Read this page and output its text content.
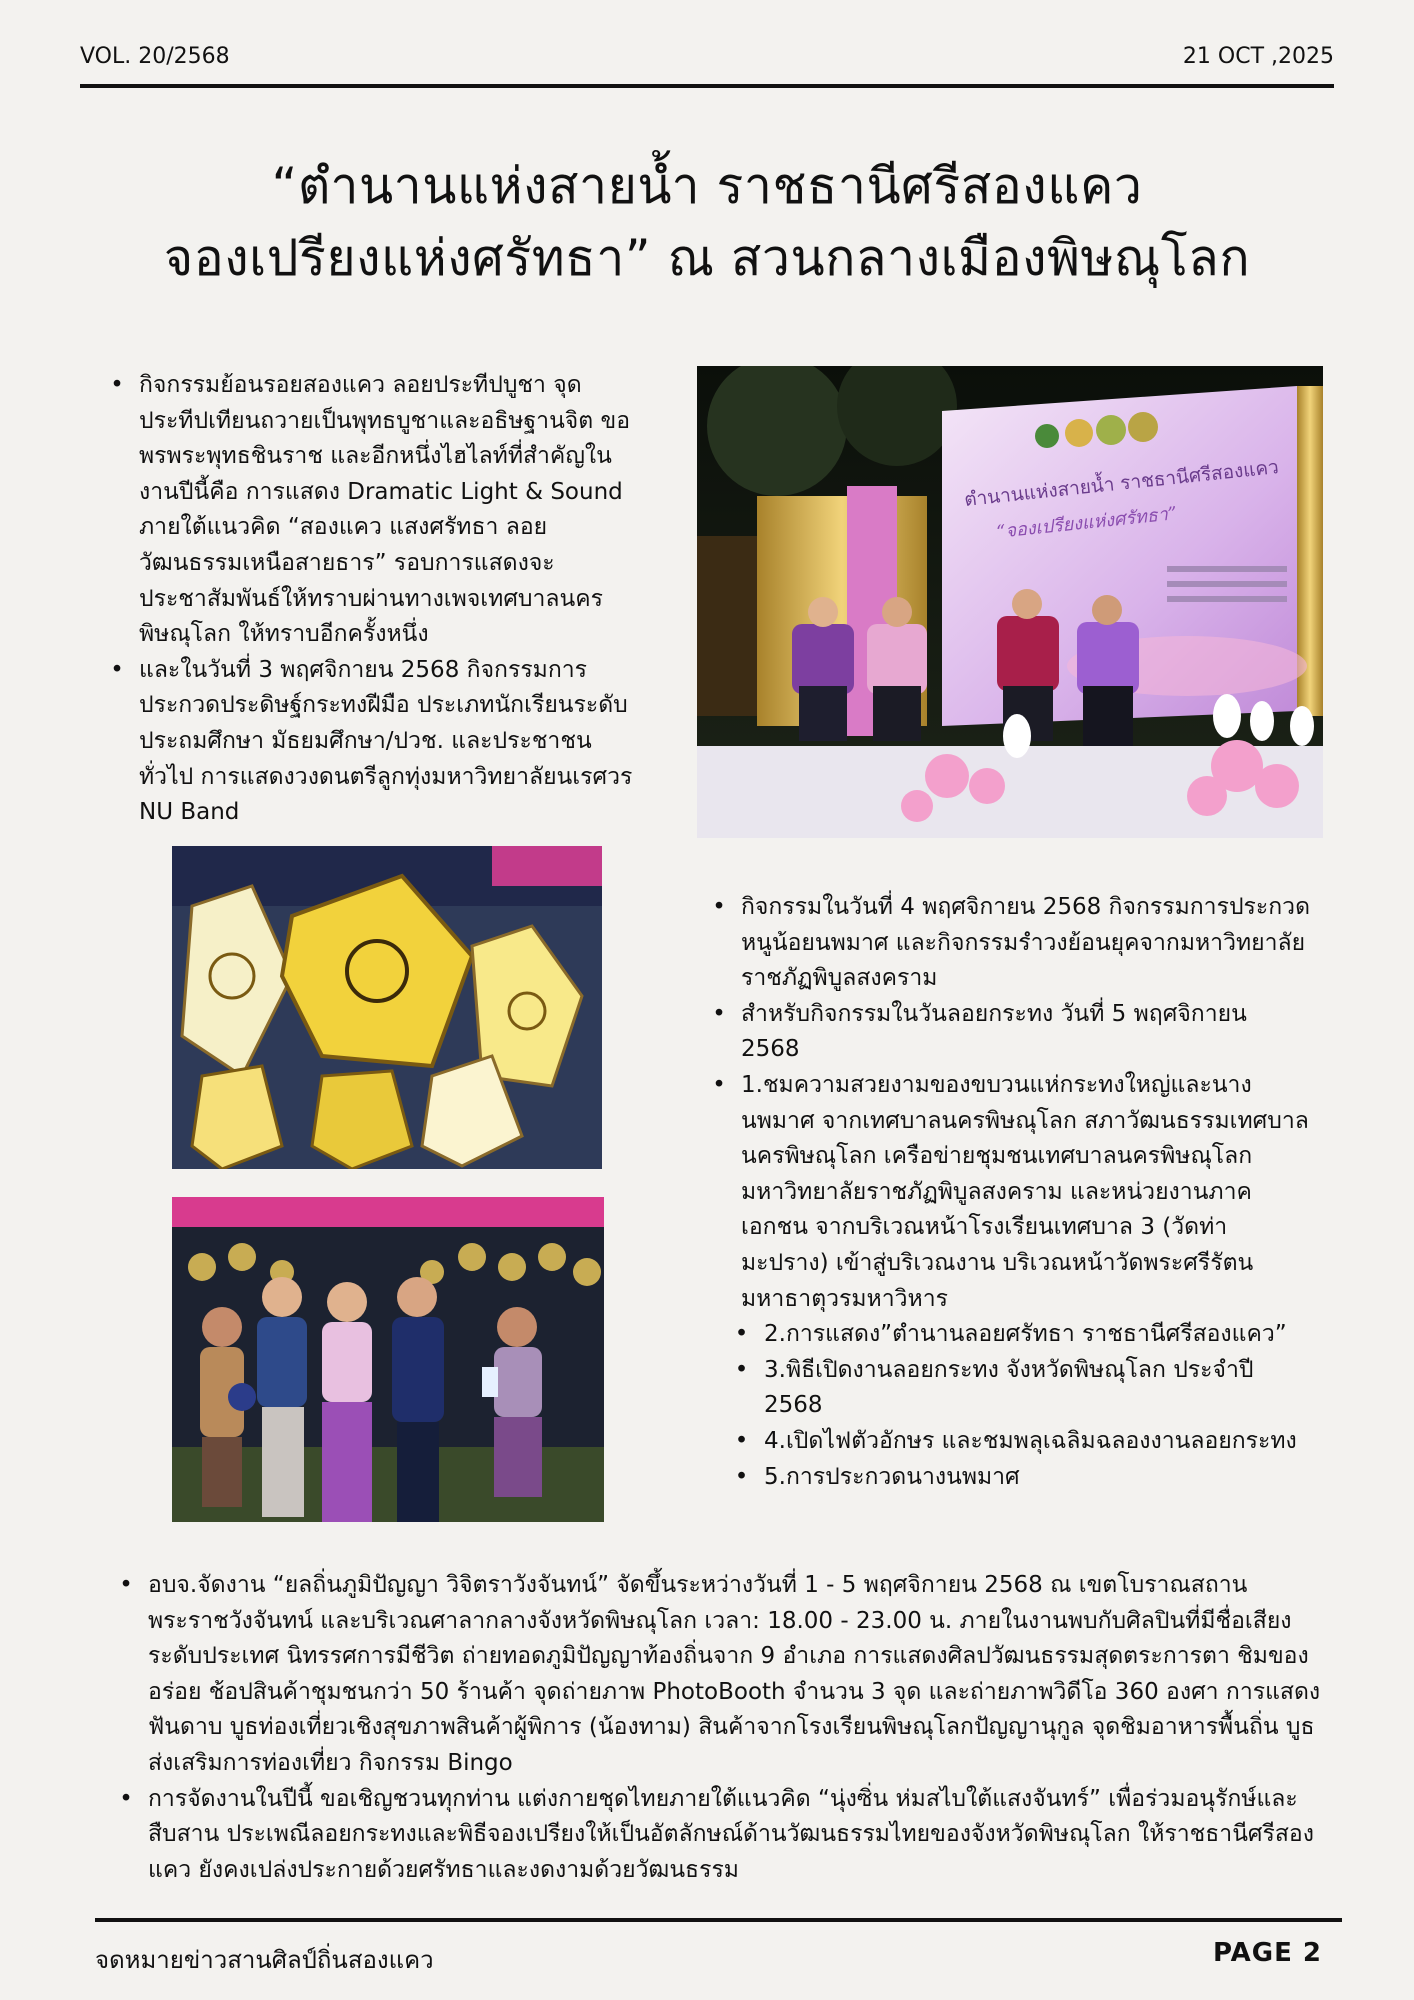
VOL. 20/2568	21 OCT ,2025
“ตำนานแห่งสายน้ำ ราชธานีศรีสองแคว
จองเปรียงแห่งศรัทธา” ณ สวนกลางเมืองพิษณุโลก

• กิจกรรมย้อนรอยสองแคว ลอยประทีปบูชา จุดประทีปเทียนถวายเป็นพุทธบูชาและอธิษฐานจิต ขอพรพระพุทธชินราช และอีกหนึ่งไฮไลท์ที่สำคัญในงานปีนี้คือ การแสดง Dramatic Light & Sound ภายใต้แนวคิด “สองแคว แสงศรัทธา ลอยวัฒนธรรมเหนือสายธาร” รอบการแสดงจะประชาสัมพันธ์ให้ทราบผ่านทางเพจเทศบาลนครพิษณุโลก ให้ทราบอีกครั้งหนึ่ง

• และในวันที่ 3 พฤศจิกายน 2568 กิจกรรมการประกวดประดิษฐ์กระทงฝีมือ ประเภทนักเรียนระดับประถมศึกษา มัธยมศึกษา/ปวช. และประชาชนทั่วไป การแสดงวงดนตรีลูกทุ่งมหาวิทยาลัยนเรศวร NU Band

ตำนานแห่งสายน้ำ ราชธานีศรีสองแคว
“จองเปรียงแห่งศรัทธา”

• กิจกรรมในวันที่ 4 พฤศจิกายน 2568 กิจกรรมการประกวดหนูน้อยนพมาศ และกิจกรรมรำวงย้อนยุคจากมหาวิทยาลัยราชภัฏพิบูลสงคราม

• สำหรับกิจกรรมในวันลอยกระทง วันที่ 5 พฤศจิกายน 2568

• 1.ชมความสวยงามของขบวนแห่กระทงใหญ่และนางนพมาศ จากเทศบาลนครพิษณุโลก สภาวัฒนธรรมเทศบาลนครพิษณุโลก เครือข่ายชุมชนเทศบาลนครพิษณุโลก มหาวิทยาลัยราชภัฏพิบูลสงคราม และหน่วยงานภาคเอกชน จากบริเวณหน้าโรงเรียนเทศบาล 3 (วัดท่ามะปราง) เข้าสู่บริเวณงาน บริเวณหน้าวัดพระศรีรัตนมหาธาตุวรมหาวิหาร

• 2.การแสดง”ตำนานลอยศรัทธา ราชธานีศรีสองแคว”

• 3.พิธีเปิดงานลอยกระทง จังหวัดพิษณุโลก ประจำปี 2568

• 4.เปิดไฟตัวอักษร และชมพลุเฉลิมฉลองงานลอยกระทง

• 5.การประกวดนางนพมาศ

• อบจ.จัดงาน “ยลถิ่นภูมิปัญญา วิจิตราวังจันทน์” จัดขึ้นระหว่างวันที่ 1 - 5 พฤศจิกายน 2568 ณ เขตโบราณสถานพระราชวังจันทน์ และบริเวณศาลากลางจังหวัดพิษณุโลก เวลา: 18.00 - 23.00 น. ภายในงานพบกับศิลปินที่มีชื่อเสียงระดับประเทศ นิทรรศการมีชีวิต ถ่ายทอดภูมิปัญญาท้องถิ่นจาก 9 อำเภอ การแสดงศิลปวัฒนธรรมสุดตระการตา ชิมของอร่อย ช้อปสินค้าชุมชนกว่า 50 ร้านค้า จุดถ่ายภาพ PhotoBooth จำนวน 3 จุด และถ่ายภาพวิดีโอ 360 องศา การแสดงฟันดาบ บูธท่องเที่ยวเชิงสุขภาพสินค้าผู้พิการ (น้องทาม) สินค้าจากโรงเรียนพิษณุโลกปัญญานุกูล จุดชิมอาหารพื้นถิ่น บูธส่งเสริมการท่องเที่ยว กิจกรรม Bingo

• การจัดงานในปีนี้ ขอเชิญชวนทุกท่าน แต่งกายชุดไทยภายใต้แนวคิด “นุ่งซิ่น ห่มสไบใต้แสงจันทร์” เพื่อร่วมอนุรักษ์และสืบสาน ประเพณีลอยกระทงและพิธีจองเปรียงให้เป็นอัตลักษณ์ด้านวัฒนธรรมไทยของจังหวัดพิษณุโลก ให้ราชธานีศรีสองแคว ยังคงเปล่งประกายด้วยศรัทธาและงดงามด้วยวัฒนธรรม

จดหมายข่าวสานศิลป์ถิ่นสองแคว	PAGE 2
